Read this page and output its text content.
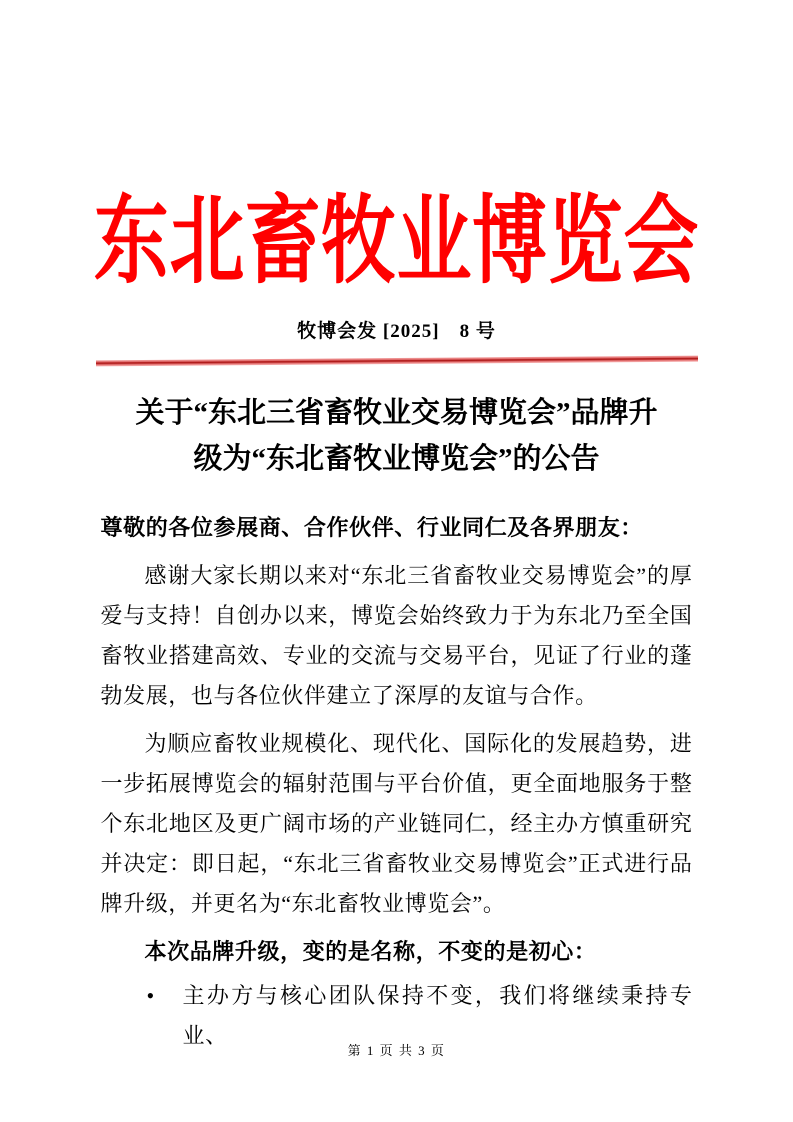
东北畜牧业博览会
牧博会发 [2025]　8 号
关于“东北三省畜牧业交易博览会”品牌升
级为“东北畜牧业博览会”的公告

尊敬的各位参展商、合作伙伴、行业同仁及各界朋友：

感谢大家长期以来对“东北三省畜牧业交易博览会”的厚爱与支持！自创办以来，博览会始终致力于为东北乃至全国畜牧业搭建高效、专业的交流与交易平台，见证了行业的蓬勃发展，也与各位伙伴建立了深厚的友谊与合作。

为顺应畜牧业规模化、现代化、国际化的发展趋势，进一步拓展博览会的辐射范围与平台价值，更全面地服务于整个东北地区及更广阔市场的产业链同仁，经主办方慎重研究并决定：即日起，“东北三省畜牧业交易博览会”正式进行品牌升级，并更名为“东北畜牧业博览会”。

本次品牌升级，变的是名称，不变的是初心：

•	主办方与核心团队保持不变，我们将继续秉持专业、
第 1 页 共 3 页
